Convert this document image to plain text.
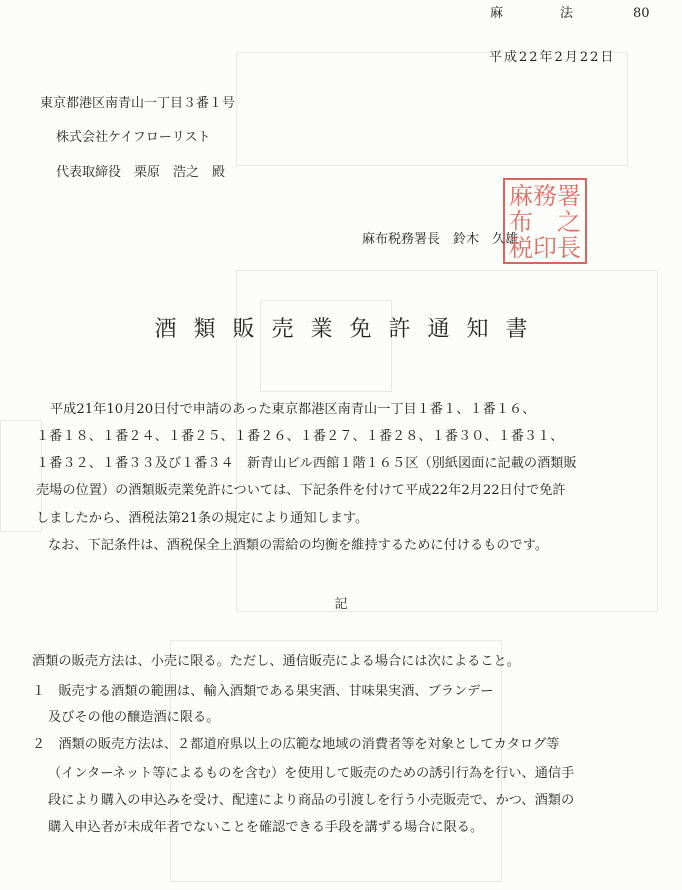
麻	法	80
平成22年2月22日
東京都港区南青山一丁目３番１号
株式会社ケイフローリスト
代表取締役　栗原　浩之　殿
麻布税務署長　鈴木　久雄
麻 署
布 之
税 印
務
長
酒類販売業免許通知書
平成21年10月20日付で申請のあった東京都港区南青山一丁目１番１、１番１６、
１番１８、１番２４、１番２５、１番２６、１番２７、１番２８、１番３０、１番３１、
１番３２、１番３３及び１番３４　新青山ビル西館１階１６５区（別紙図面に記載の酒類販
売場の位置）の酒類販売業免許については、下記条件を付けて平成22年2月22日付で免許
しましたから、酒税法第21条の規定により通知します。
なお、下記条件は、酒税保全上酒類の需給の均衡を維持するために付けるものです。
記
酒類の販売方法は、小売に限る。ただし、通信販売による場合には次によること。
１　販売する酒類の範囲は、輸入酒類である果実酒、甘味果実酒、ブランデー
及びその他の醸造酒に限る。
２　酒類の販売方法は、２都道府県以上の広範な地域の消費者等を対象としてカタログ等
（インターネット等によるものを含む）を使用して販売のための誘引行為を行い、通信手
段により購入の申込みを受け、配達により商品の引渡しを行う小売販売で、かつ、酒類の
購入申込者が未成年者でないことを確認できる手段を講ずる場合に限る。
